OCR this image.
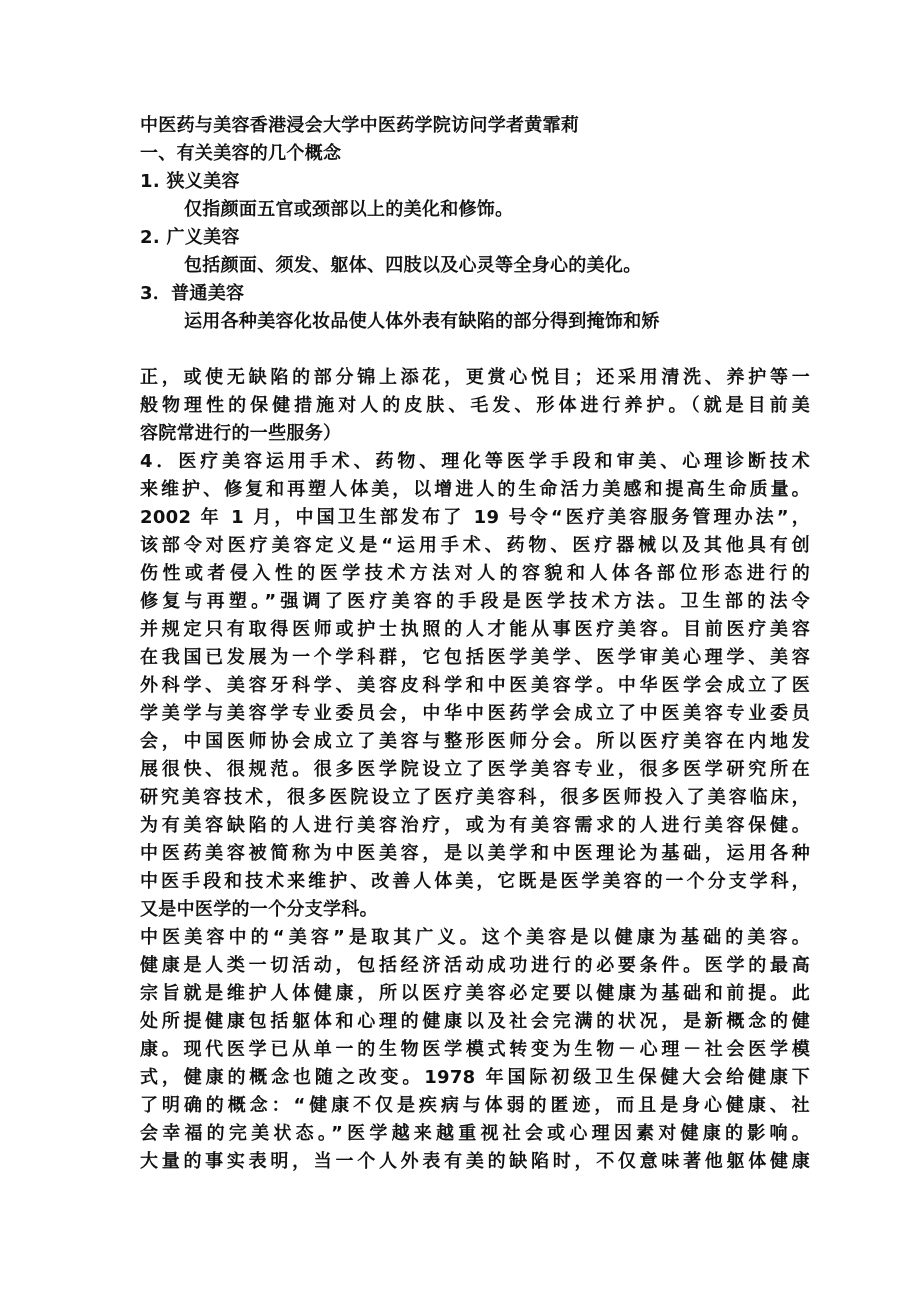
中医药与美容香港浸会大学中医药学院访问学者黄霏莉
一、有关美容的几个概念
1. 狭义美容
仅指颜面五官或颈部以上的美化和修饰。
2. 广义美容
包括颜面、须发、躯体、四肢以及心灵等全身心的美化。
3．普通美容
运用各种美容化妆品使人体外表有缺陷的部分得到掩饰和矫
正，或使无缺陷的部分锦上添花，更赏心悦目；还采用清洗、养护等一
般物理性的保健措施对人的皮肤、毛发、形体进行养护。（就是目前美
容院常进行的一些服务）
4．医疗美容运用手术、药物、理化等医学手段和审美、心理诊断技术
来维护、修复和再塑人体美，以增进人的生命活力美感和提高生命质量。
2002 年 1 月，中国卫生部发布了 19 号令“医疗美容服务管理办法”，
该部令对医疗美容定义是“运用手术、药物、医疗器械以及其他具有创
伤性或者侵入性的医学技术方法对人的容貌和人体各部位形态进行的
修复与再塑。”强调了医疗美容的手段是医学技术方法。卫生部的法令
并规定只有取得医师或护士执照的人才能从事医疗美容。目前医疗美容
在我国已发展为一个学科群，它包括医学美学、医学审美心理学、美容
外科学、美容牙科学、美容皮科学和中医美容学。中华医学会成立了医
学美学与美容学专业委员会，中华中医药学会成立了中医美容专业委员
会，中国医师协会成立了美容与整形医师分会。所以医疗美容在内地发
展很快、很规范。很多医学院设立了医学美容专业，很多医学研究所在
研究美容技术，很多医院设立了医疗美容科，很多医师投入了美容临床，
为有美容缺陷的人进行美容治疗，或为有美容需求的人进行美容保健。
中医药美容被简称为中医美容，是以美学和中医理论为基础，运用各种
中医手段和技术来维护、改善人体美，它既是医学美容的一个分支学科，
又是中医学的一个分支学科。
中医美容中的“美容”是取其广义。这个美容是以健康为基础的美容。
健康是人类一切活动，包括经济活动成功进行的必要条件。医学的最高
宗旨就是维护人体健康，所以医疗美容必定要以健康为基础和前提。此
处所提健康包括躯体和心理的健康以及社会完满的状况，是新概念的健
康。现代医学已从单一的生物医学模式转变为生物－心理－社会医学模
式，健康的概念也随之改变。1978 年国际初级卫生保健大会给健康下
了明确的概念：“健康不仅是疾病与体弱的匿迹，而且是身心健康、社
会幸福的完美状态。”医学越来越重视社会或心理因素对健康的影响。
大量的事实表明，当一个人外表有美的缺陷时，不仅意味著他躯体健康
